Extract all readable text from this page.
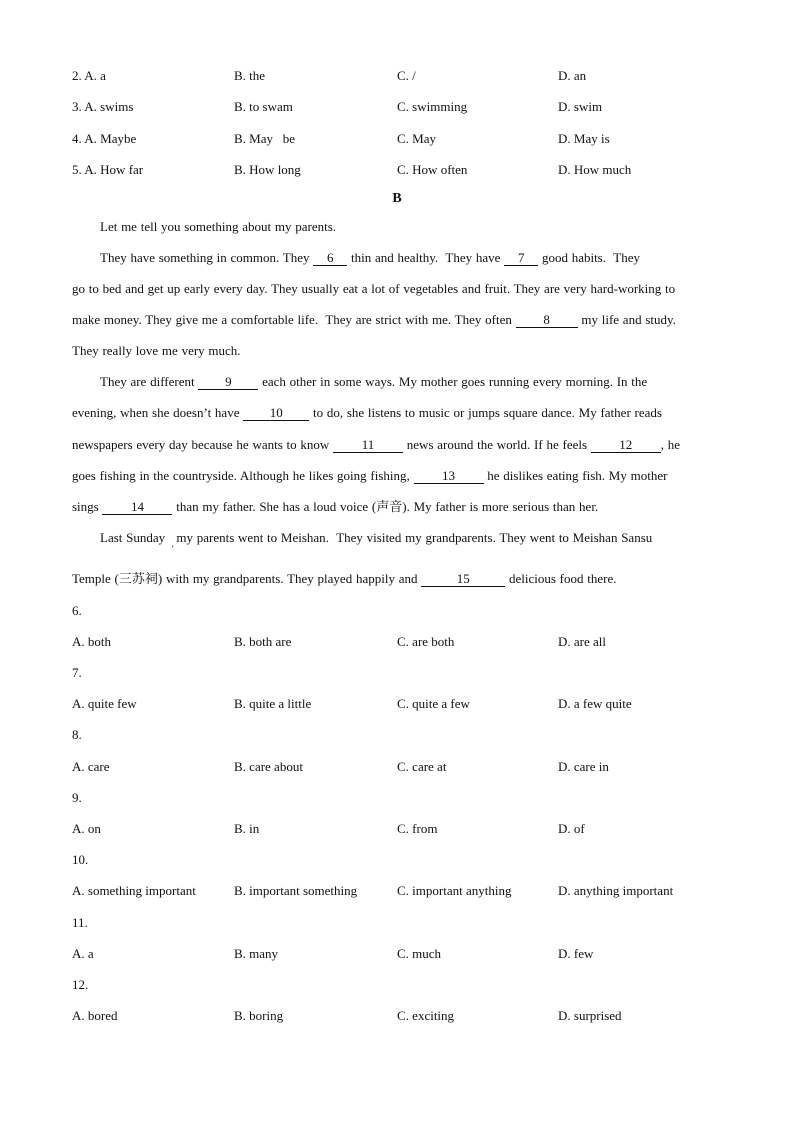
2. A. a	B. the	C. /	D. an
3. A. swims	B. to swam	C. swimming	D. swim
4. A. Maybe	B. May   be	C. May	D. May is
5. A. How far	B. How long	C. How often	D. How much
B
Let me tell you something about my parents.
They have something in common. They 6 thin and healthy.  They have 7 good habits.  They
go to bed and get up early every day. They usually eat a lot of vegetables and fruit. They are very hard-working to
make money. They give me a comfortable life.  They are strict with me. They often 8 my life and study.
They really love me very much.
They are different 9 each other in some ways. My mother goes running every morning. In the
evening, when she doesn’t have 10 to do, she listens to music or jumps square dance. My father reads
newspapers every day because he wants to know 11 news around the world. If he feels 12 , he
goes fishing in the countryside. Although he likes going fishing, 13 he dislikes eating fish. My mother
sings 14 than my father. She has a loud voice (声音). My father is more serious than her.
Last Sunday   my parents went to Meishan.  They visited my grandparents. They went to Meishan Sansu
'
Temple (三苏祠) with my grandparents. They played happily and	15	delicious food there.
6.
A. both	B. both are	C. are both	D. are all
7.
A. quite few	B. quite a little	C. quite a few	D. a few quite
8.
A. care	B. care about	C. care at	D. care in
9.
A. on	B. in	C. from	D. of
10.
A. something important	B. important something	C. important anything	D. anything important
11.
A. a	B. many	C. much	D. few
12.
A. bored	B. boring	C. exciting	D. surprised
